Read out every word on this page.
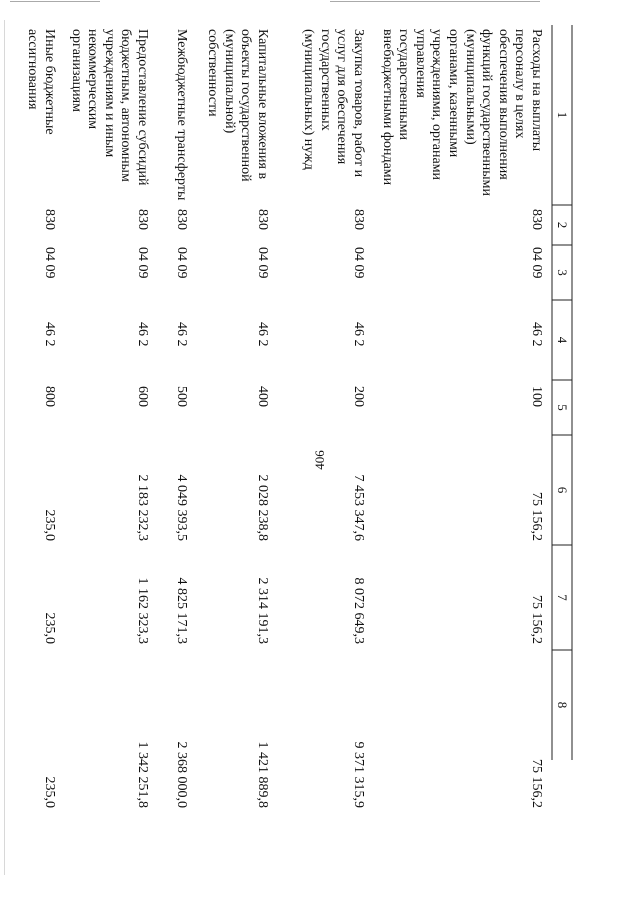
406
1
2
3
4
5
6
7
8
Расходы на выплаты персоналу в целях обеспечения выполнения функций государственными (муниципальными) органами, казенными учреждениями, органами управления государственными внебюджетными фондами
830
04 09
46 2
100
75 156,2
75 156,2
75 156,2
Закупка товаров, работ и услуг для обеспечения государственных (муниципальных) нужд
830
04 09
46 2
200
7 453 347,6
8 072 649,3
9 371 315,9
Капитальные вложения в объекты государственной (муниципальной) собственности
830
04 09
46 2
400
2 028 238,8
2 314 191,3
1 421 889,8
Межбюджетные трансферты
830
04 09
46 2
500
4 049 393,5
4 825 171,3
2 368 000,0
Предоставление субсидий бюджетным, автономным учреждениям и иным некоммерческим организациям
830
04 09
46 2
600
2 183 232,3
1 162 323,3
1 342 251,8
Иные бюджетные ассигнования
830
04 09
46 2
800
235,0
235,0
235,0
